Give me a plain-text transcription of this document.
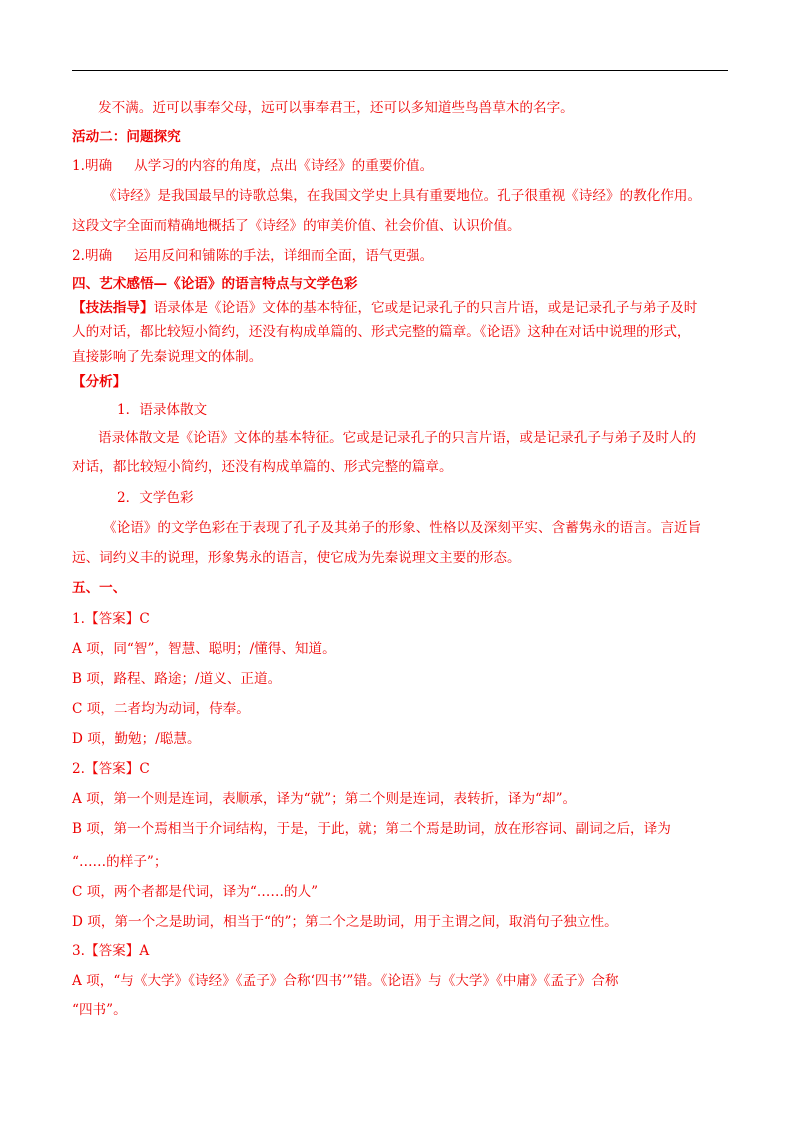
发不满。近可以事奉父母，远可以事奉君王，还可以多知道些鸟兽草木的名字。
活动二：问题探究
1.明确 从学习的内容的角度，点出《诗经》的重要价值。
《诗经》是我国最早的诗歌总集，在我国文学史上具有重要地位。孔子很重视《诗经》的教化作用。
这段文字全面而精确地概括了《诗经》的审美价值、社会价值、认识价值。
2.明确 运用反问和铺陈的手法，详细而全面，语气更强。
四、艺术感悟—《论语》的语言特点与文学色彩
【技法指导】语录体是《论语》文体的基本特征，它或是记录孔子的只言片语，或是记录孔子与弟子及时
人的对话，都比较短小简约，还没有构成单篇的、形式完整的篇章。《论语》这种在对话中说理的形式，
直接影响了先秦说理文的体制。
【分析】
1．语录体散文
语录体散文是《论语》文体的基本特征。它或是记录孔子的只言片语，或是记录孔子与弟子及时人的
对话，都比较短小简约，还没有构成单篇的、形式完整的篇章。
2．文学色彩
《论语》的文学色彩在于表现了孔子及其弟子的形象、性格以及深刻平实、含蓄隽永的语言。言近旨
远、词约义丰的说理，形象隽永的语言，使它成为先秦说理文主要的形态。
五、一、
1.【答案】C
A 项，同“智”，智慧、聪明；/懂得、知道。
B 项，路程、路途；/道义、正道。
C 项，二者均为动词，侍奉。
D 项，勤勉；/聪慧。
2.【答案】C
A 项，第一个则是连词，表顺承，译为“就”；第二个则是连词，表转折，译为“却”。
B 项，第一个焉相当于介词结构，于是，于此，就；第二个焉是助词，放在形容词、副词之后，译为
“……的样子”；
C 项，两个者都是代词，译为“……的人”
D 项，第一个之是助词，相当于“的”；第二个之是助词，用于主谓之间，取消句子独立性。
3.【答案】A
A 项，“与《大学》《诗经》《孟子》合称‘四书’”错。《论语》与《大学》《中庸》《孟子》合称
“四书”。
